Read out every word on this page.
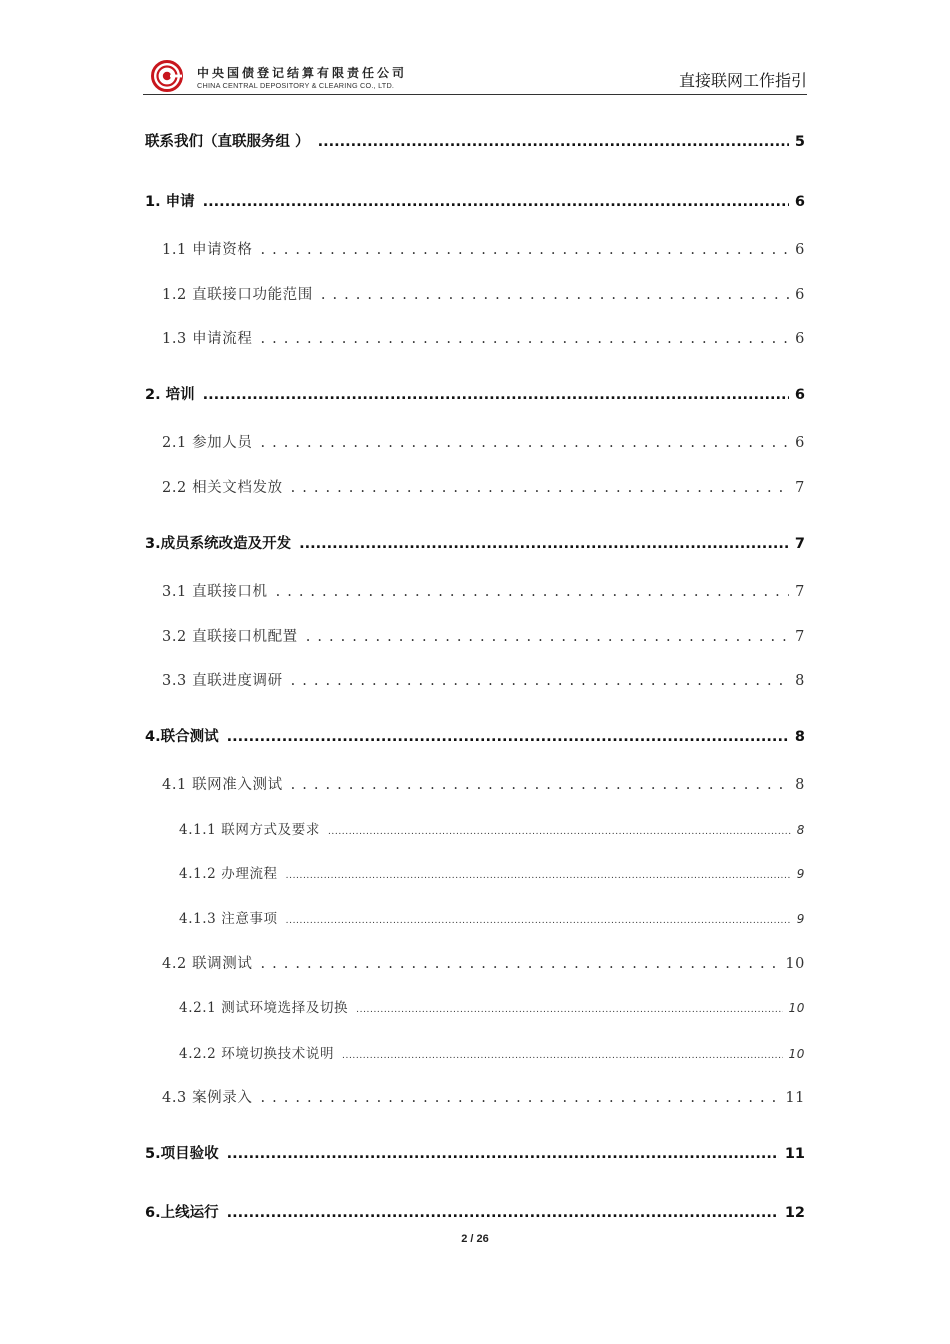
中央国债登记结算有限责任公司
CHINA CENTRAL DEPOSITORY & CLEARING CO., LTD.	直接联网工作指引
联系我们（直联服务组 ） .....	5
1. 申请 .....	6
1.1 申请资格 . . .	6
1.2 直联接口功能范围 . . .	6
1.3 申请流程 . . .	6
2. 培训 .....	6
2.1 参加人员 . . .	6
2.2 相关文档发放 . . .	7
3.成员系统改造及开发 .....	7
3.1 直联接口机 . . .	7
3.2 直联接口机配置 . . .	7
3.3 直联进度调研 . . .	8
4.联合测试 .....	8
4.1 联网准入测试 . . .	8
4.1.1 联网方式及要求 .....	8
4.1.2 办理流程 .....	9
4.1.3 注意事项 .....	9
4.2 联调测试 . . .	10
4.2.1 测试环境选择及切换 .....	10
4.2.2 环境切换技术说明 .....	10
4.3 案例录入 . . .	11
5.项目验收 .....	11
6.上线运行 .....	12
2 / 26
